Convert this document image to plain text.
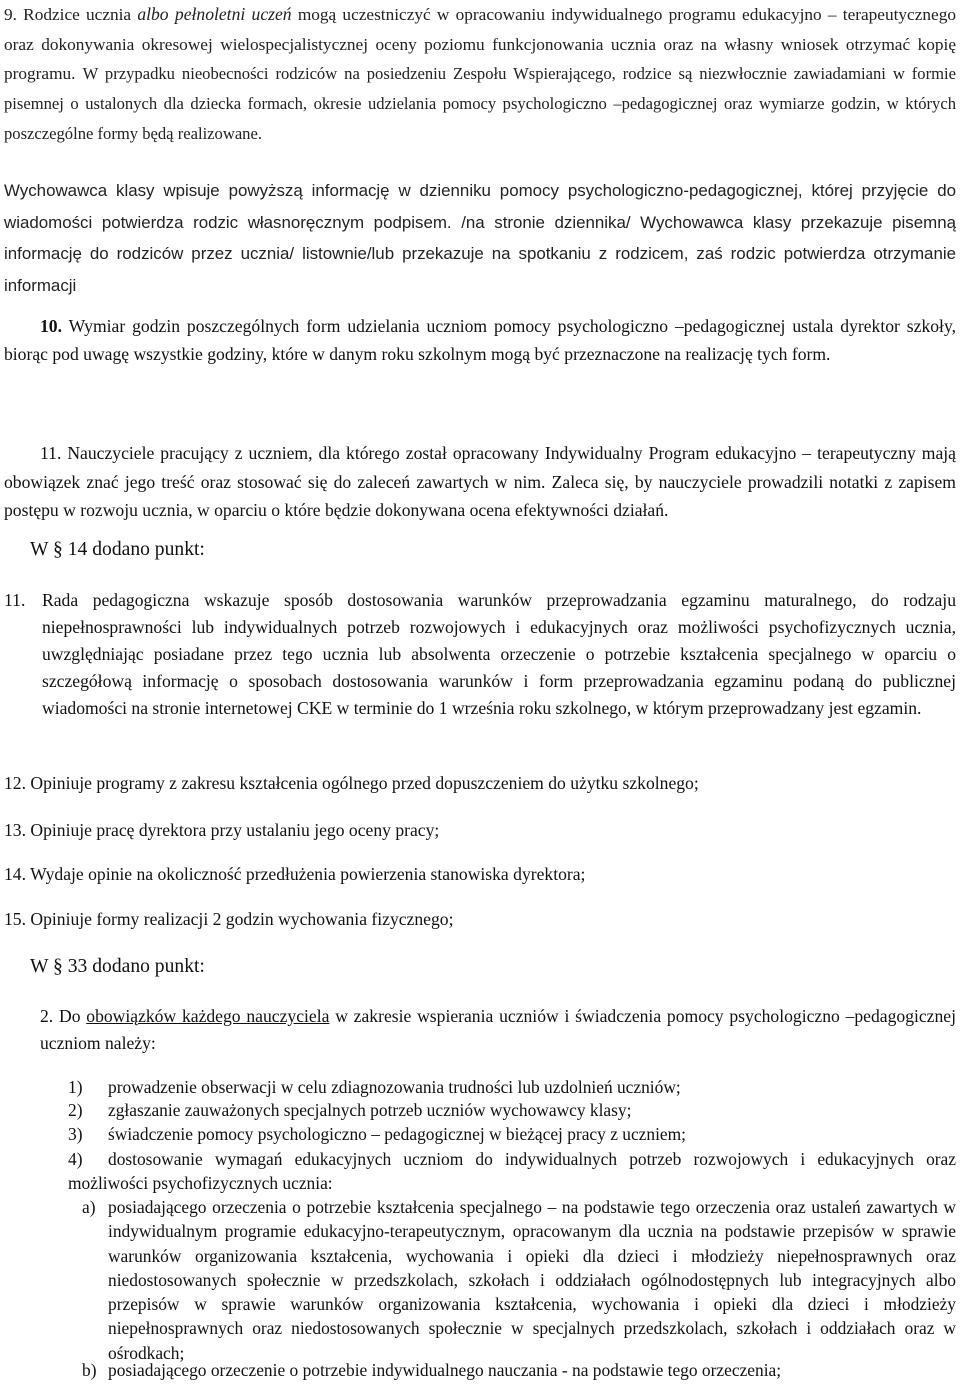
9. Rodzice ucznia albo pełnoletni uczeń mogą uczestniczyć w opracowaniu indywidualnego programu edukacyjno – terapeutycznego oraz dokonywania okresowej wielospecjalistycznej oceny poziomu funkcjonowania ucznia oraz na własny wniosek otrzymać kopię programu. W przypadku nieobecności rodziców na posiedzeniu Zespołu Wspierającego, rodzice są niezwłocznie zawiadamiani w formie pisemnej o ustalonych dla dziecka formach, okresie udzielania pomocy psychologiczno –pedagogicznej oraz wymiarze godzin, w których poszczególne formy będą realizowane.

Wychowawca klasy wpisuje powyższą informację w dzienniku pomocy psychologiczno-pedagogicznej, której przyjęcie do wiadomości potwierdza rodzic własnoręcznym podpisem. /na stronie dziennika/ Wychowawca klasy przekazuje pisemną informację do rodziców przez ucznia/ listownie/lub przekazuje na spotkaniu z rodzicem, zaś rodzic potwierdza otrzymanie informacji

10. Wymiar godzin poszczególnych form udzielania uczniom pomocy psychologiczno –pedagogicznej ustala dyrektor szkoły, biorąc pod uwagę wszystkie godziny, które w danym roku szkolnym mogą być przeznaczone na realizację tych form.

11. Nauczyciele pracujący z uczniem, dla którego został opracowany Indywidualny Program edukacyjno – terapeutyczny mają obowiązek znać jego treść oraz stosować się do zaleceń zawartych w nim. Zaleca się, by nauczyciele prowadzili notatki z zapisem postępu w rozwoju ucznia, w oparciu o które będzie dokonywana ocena efektywności działań.

W § 14 dodano punkt:
11. Rada pedagogiczna wskazuje sposób dostosowania warunków przeprowadzania egzaminu maturalnego, do rodzaju niepełnosprawności lub indywidualnych potrzeb rozwojowych i edukacyjnych oraz możliwości psychofizycznych ucznia, uwzględniając posiadane przez tego ucznia lub absolwenta orzeczenie o potrzebie kształcenia specjalnego w oparciu o szczegółową informację o sposobach dostosowania warunków i form przeprowadzania egzaminu podaną do publicznej wiadomości na stronie internetowej CKE w terminie do 1 września roku szkolnego, w którym przeprowadzany jest egzamin.

12. Opiniuje programy z zakresu kształcenia ogólnego przed dopuszczeniem do użytku szkolnego;
13. Opiniuje pracę dyrektora przy ustalaniu jego oceny pracy;
14. Wydaje opinie na okoliczność przedłużenia powierzenia stanowiska dyrektora;
15. Opiniuje formy realizacji 2 godzin wychowania fizycznego;
W § 33 dodano punkt:

2. Do obowiązków każdego nauczyciela w zakresie wspierania uczniów i świadczenia pomocy psychologiczno –pedagogicznej uczniom należy:

1) prowadzenie obserwacji w celu zdiagnozowania trudności lub uzdolnień uczniów;
2) zgłaszanie zauważonych specjalnych potrzeb uczniów wychowawcy klasy;
3) świadczenie pomocy psychologiczno – pedagogicznej w bieżącej pracy z uczniem;
4)	dostosowanie wymagań edukacyjnych uczniom do indywidualnych potrzeb rozwojowych i edukacyjnych oraz możliwości psychofizycznych ucznia:
a) posiadającego orzeczenia o potrzebie kształcenia specjalnego – na podstawie tego orzeczenia oraz ustaleń zawartych w indywidualnym programie edukacyjno-terapeutycznym, opracowanym dla ucznia na podstawie przepisów w sprawie warunków organizowania kształcenia, wychowania i opieki dla dzieci i młodzieży niepełnosprawnych oraz niedostosowanych społecznie w przedszkolach, szkołach i oddziałach ogólnodostępnych lub integracyjnych albo przepisów w sprawie warunków organizowania kształcenia, wychowania i opieki dla dzieci i młodzieży niepełnosprawnych oraz niedostosowanych społecznie w specjalnych przedszkolach, szkołach i oddziałach oraz w ośrodkach;
b) posiadającego orzeczenie o potrzebie indywidualnego nauczania - na podstawie tego orzeczenia;
